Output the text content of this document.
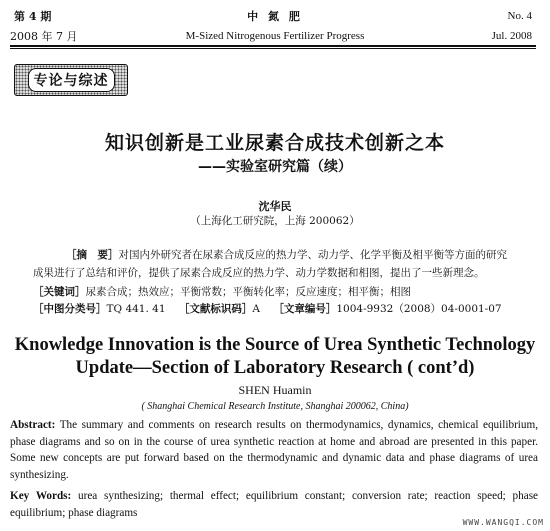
第 4 期
2008 年 7 月
中 氮 肥
M-Sized Nitrogenous Fertilizer Progress
No. 4
Jul. 2008
专论与综述
知识创新是工业尿素合成技术创新之本
——实验室研究篇（续）
沈华民
（上海化工研究院，上海 200062）
［摘　要］对国内外研究者在尿素合成反应的热力学、动力学、化学平衡及相平衡等方面的研究
成果进行了总结和评价，提供了尿素合成反应的热力学、动力学数据和相图，提出了一些新理念。
［关键词］尿素合成；热效应；平衡常数；平衡转化率；反应速度；相平衡；相图
［中图分类号］TQ 441. 41 ［文献标识码］A ［文章编号］1004-9932（2008）04-0001-07
Knowledge Innovation is the Source of Urea Synthetic Technology
Update—Section of Laboratory Research ( cont’d)
SHEN Huamin
( Shanghai Chemical Research Institute, Shanghai 200062, China)
Abstract: The summary and comments on research results on thermodynamics, dynamics, chemical equilibrium, phase diagrams and so on in the course of urea synthetic reaction at home and abroad are presented in this paper. Some new concepts are put forward based on the thermodynamic and dynamic data and phase diagrams of urea synthesizing.
Key Words: urea synthesizing; thermal effect; equilibrium constant; conversion rate; reaction speed; phase equilibrium; phase diagrams
WWW.WANGQI.COM
